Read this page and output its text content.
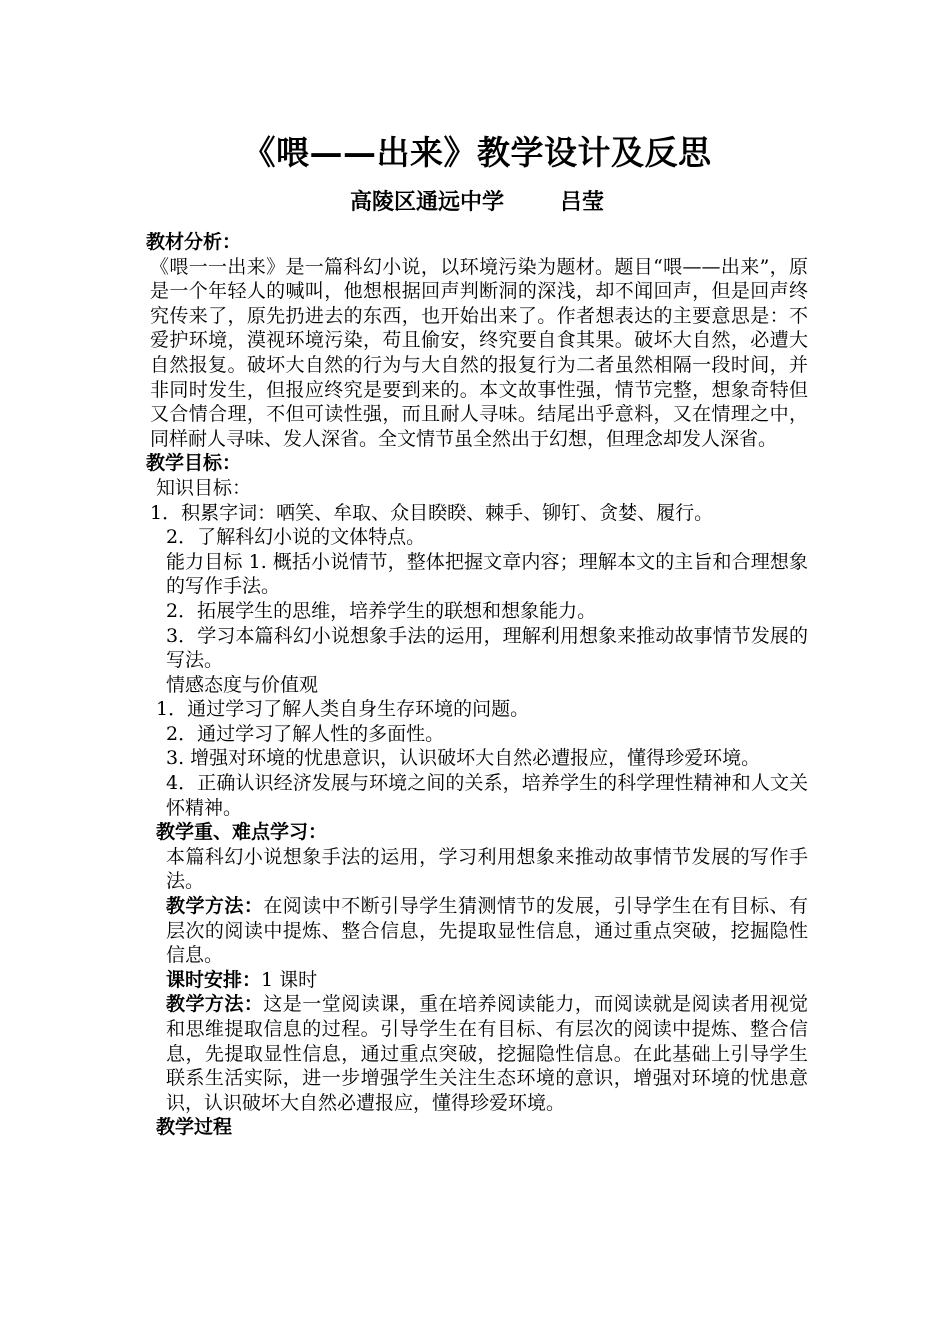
《喂——出来》教学设计及反思
高陵区通远中学	吕莹
教材分析：
《喂一一出来》是一篇科幻小说，以环境污染为题材。题目“喂——出来”，原是一个年轻人的喊叫，他想根据回声判断洞的深浅，却不闻回声，但是回声终究传来了，原先扔进去的东西，也开始出来了。作者想表达的主要意思是：不爱护环境，漠视环境污染，苟且偷安，终究要自食其果。破坏大自然，必遭大自然报复。破坏大自然的行为与大自然的报复行为二者虽然相隔一段时间，并非同时发生，但报应终究是要到来的。本文故事性强，情节完整，想象奇特但又合情合理，不但可读性强，而且耐人寻味。结尾出乎意料，又在情理之中，同样耐人寻味、发人深省。全文情节虽全然出于幻想，但理念却发人深省。
教学目标：
知识目标：
1．积累字词：哂笑、牟取、众目睽睽、棘手、铆钉、贪婪、履行。
2．了解科幻小说的文体特点。
能力目标 1. 概括小说情节，整体把握文章内容；理解本文的主旨和合理想象的写作手法。
2．拓展学生的思维，培养学生的联想和想象能力。
3．学习本篇科幻小说想象手法的运用，理解利用想象来推动故事情节发展的写法。
情感态度与价值观
1．通过学习了解人类自身生存环境的问题。
2．通过学习了解人性的多面性。
3. 增强对环境的忧患意识，认识破坏大自然必遭报应，懂得珍爱环境。
4．正确认识经济发展与环境之间的关系，培养学生的科学理性精神和人文关怀精神。
教学重、难点学习：
本篇科幻小说想象手法的运用，学习利用想象来推动故事情节发展的写作手法。
教学方法：在阅读中不断引导学生猜测情节的发展，引导学生在有目标、有层次的阅读中提炼、整合信息，先提取显性信息，通过重点突破，挖掘隐性信息。
课时安排：1 课时
教学方法：这是一堂阅读课，重在培养阅读能力，而阅读就是阅读者用视觉和思维提取信息的过程。引导学生在有目标、有层次的阅读中提炼、整合信息，先提取显性信息，通过重点突破，挖掘隐性信息。在此基础上引导学生联系生活实际，进一步增强学生关注生态环境的意识，增强对环境的忧患意识，认识破坏大自然必遭报应，懂得珍爱环境。
教学过程
